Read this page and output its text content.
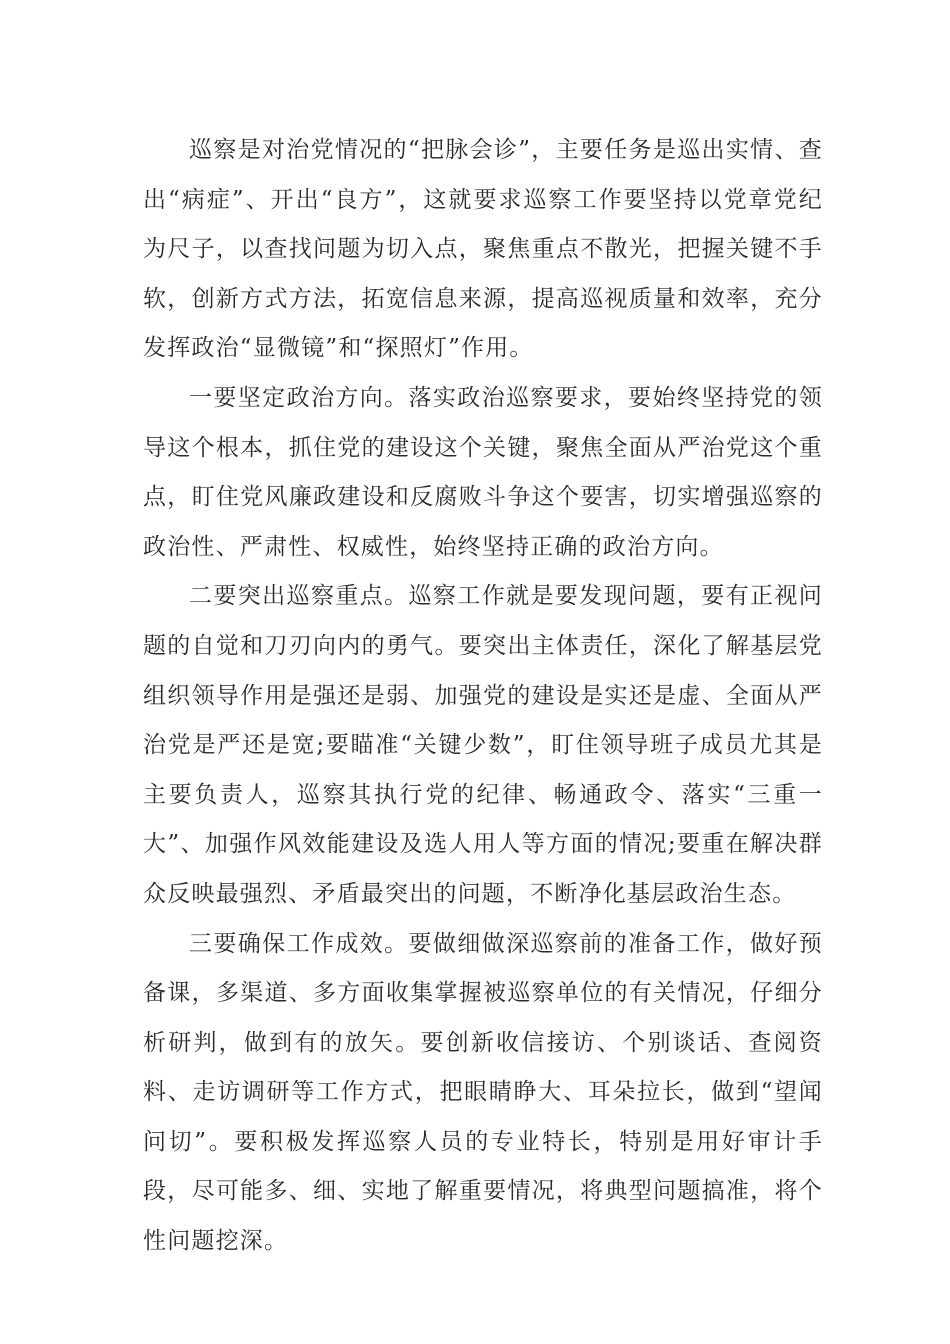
巡察是对治党情况的“把脉会诊”，主要任务是巡出实情、查出“病症”、开出“良方”，这就要求巡察工作要坚持以党章党纪为尺子，以查找问题为切入点，聚焦重点不散光，把握关键不手软，创新方式方法，拓宽信息来源，提高巡视质量和效率，充分发挥政治“显微镜”和“探照灯”作用。

一要坚定政治方向。落实政治巡察要求，要始终坚持党的领导这个根本，抓住党的建设这个关键，聚焦全面从严治党这个重点，盯住党风廉政建设和反腐败斗争这个要害，切实增强巡察的政治性、严肃性、权威性，始终坚持正确的政治方向。

二要突出巡察重点。巡察工作就是要发现问题，要有正视问题的自觉和刀刃向内的勇气。要突出主体责任，深化了解基层党组织领导作用是强还是弱、加强党的建设是实还是虚、全面从严治党是严还是宽;要瞄准“关键少数”，盯住领导班子成员尤其是主要负责人，巡察其执行党的纪律、畅通政令、落实“三重一大”、加强作风效能建设及选人用人等方面的情况;要重在解决群众反映最强烈、矛盾最突出的问题，不断净化基层政治生态。

三要确保工作成效。要做细做深巡察前的准备工作，做好预备课，多渠道、多方面收集掌握被巡察单位的有关情况，仔细分析研判，做到有的放矢。要创新收信接访、个别谈话、查阅资料、走访调研等工作方式，把眼睛睁大、耳朵拉长，做到“望闻问切”。要积极发挥巡察人员的专业特长，特别是用好审计手段，尽可能多、细、实地了解重要情况，将典型问题搞准，将个性问题挖深。
